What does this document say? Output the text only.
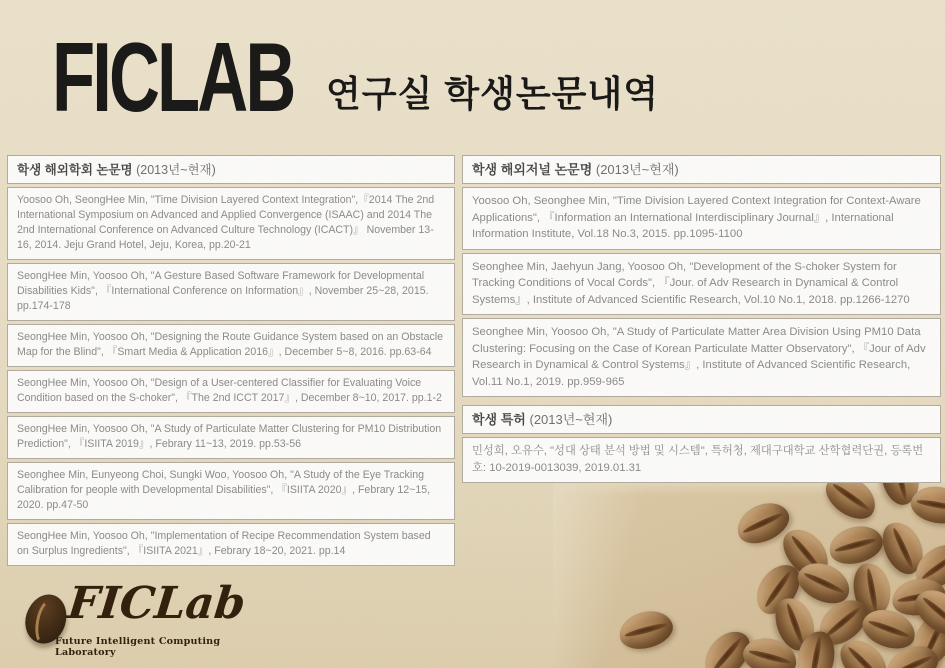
FICLAB 연구실 학생논문내역
학생 해외학회 논문명 (2013년~현재)
Yoosoo Oh, SeongHee Min, "Time Division Layered Context Integration",『2014 The 2nd International Symposium on Advanced and Applied Convergence (ISAAC) and 2014 The 2nd International Conference on Advanced Culture Technology (ICACT)』 November 13-16, 2014. Jeju Grand Hotel, Jeju, Korea, pp.20-21
SeongHee Min, Yoosoo Oh, "A Gesture Based Software Framework for Developmental Disabilities Kids", 『International Conference on Information』, November 25~28, 2015. pp.174-178
SeongHee Min, Yoosoo Oh, "Designing the Route Guidance System based on an Obstacle Map for the Blind", 『Smart Media & Application 2016』, December 5~8, 2016. pp.63-64
SeongHee Min, Yoosoo Oh, "Design of a User-centered Classifier for Evaluating Voice Condition based on the S-choker", 『The 2nd ICCT 2017』, December 8~10, 2017. pp.1-2
SeongHee Min, Yoosoo Oh, "A Study of Particulate Matter Clustering for PM10 Distribution Prediction", 『ISIITA 2019』, Febrary 11~13, 2019. pp.53-56
Seonghee Min, Eunyeong Choi, Sungki Woo, Yoosoo Oh, "A Study of the Eye Tracking Calibration for people with Developmental Disabilities", 『ISIITA 2020』, Febrary 12~15, 2020. pp.47-50
SeongHee Min, Yoosoo Oh, "Implementation of Recipe Recommendation System based on Surplus Ingredients", 『ISIITA 2021』, Febrary 18~20, 2021. pp.14
학생 해외저널 논문명 (2013년~현재)
Yoosoo Oh, Seonghee Min, "Time Division Layered Context Integration for Context-Aware Applications", 『Information an International Interdisciplinary Journal』, International Information Institute, Vol.18 No.3, 2015. pp.1095-1100
Seonghee Min, Jaehyun Jang, Yoosoo Oh, "Development of the S-choker System for Tracking Conditions of Vocal Cords", 『Jour. of Adv Research in Dynamical & Control Systems』, Institute of Advanced Scientific Research, Vol.10 No.1, 2018. pp.1266-1270
Seonghee Min, Yoosoo Oh, "A Study of Particulate Matter Area Division Using PM10 Data Clustering: Focusing on the Case of Korean Particulate Matter Observatory", 『Jour of Adv Research in Dynamical & Control Systems』, Institute of Advanced Scientific Research, Vol.11 No.1, 2019. pp.959-965
학생 특허 (2013년~현재)
민성희, 오유수, "성대 상태 분석 방법 및 시스템", 특허청, 제대구대학교 산학협력단권, 등록번호: 10-2019-0013039, 2019.01.31
FICLab
Future Intelligent Computing Laboratory
